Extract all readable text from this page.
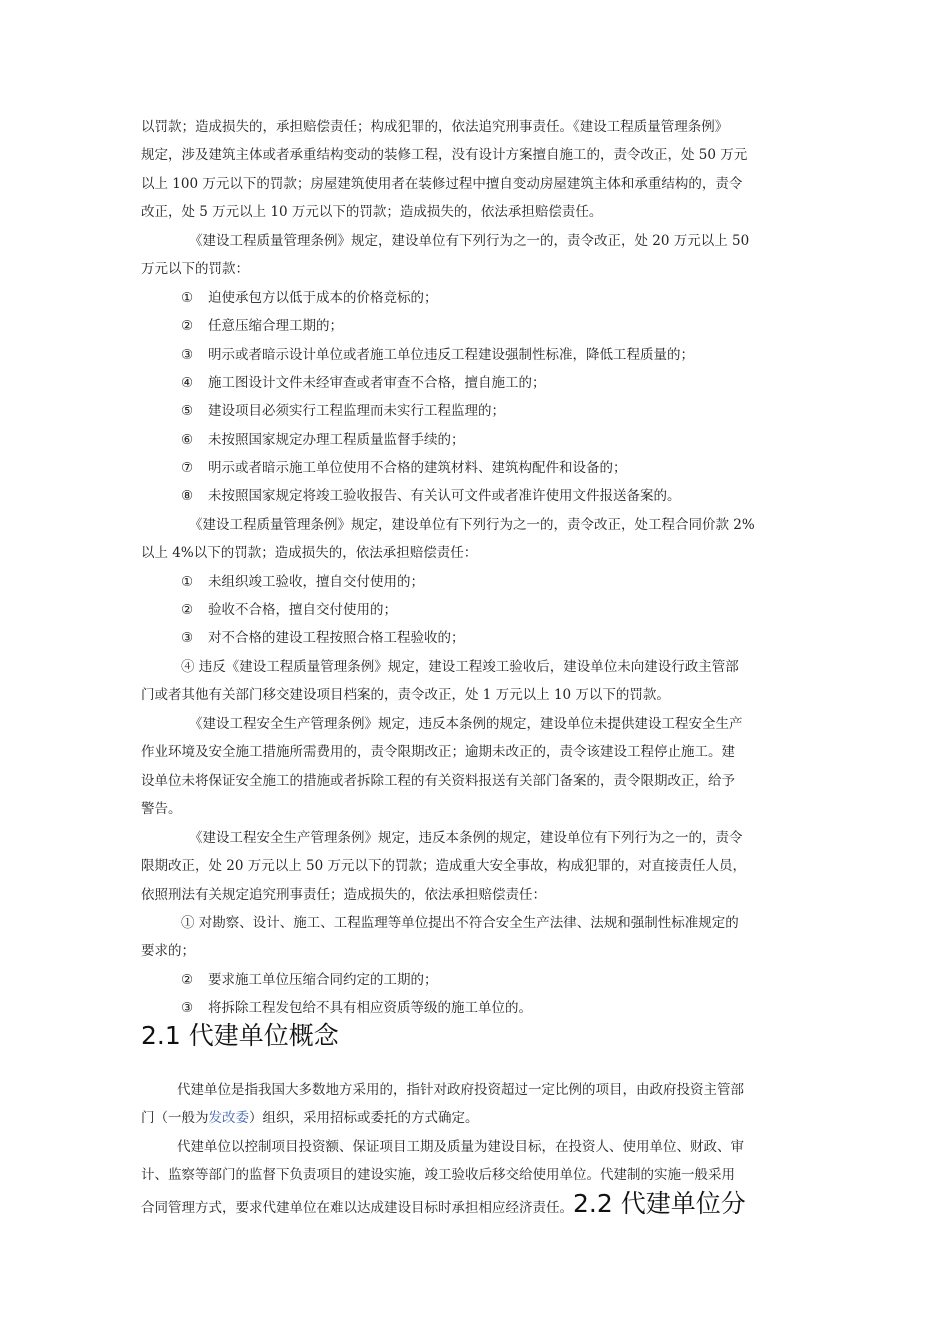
以罚款；造成损失的，承担赔偿责任；构成犯罪的，依法追究刑事责任。《建设工程质量管理条例》
规定，涉及建筑主体或者承重结构变动的装修工程，没有设计方案擅自施工的，责令改正，处 50 万元
以上 100 万元以下的罚款；房屋建筑使用者在装修过程中擅自变动房屋建筑主体和承重结构的，责令
改正，处 5 万元以上 10 万元以下的罚款；造成损失的，依法承担赔偿责任。
《建设工程质量管理条例》规定，建设单位有下列行为之一的，责令改正，处 20 万元以上 50
万元以下的罚款：
① 迫使承包方以低于成本的价格竞标的；
② 任意压缩合理工期的；
③ 明示或者暗示设计单位或者施工单位违反工程建设强制性标准，降低工程质量的；
④ 施工图设计文件未经审查或者审查不合格，擅自施工的；
⑤ 建设项目必须实行工程监理而未实行工程监理的；
⑥ 未按照国家规定办理工程质量监督手续的；
⑦ 明示或者暗示施工单位使用不合格的建筑材料、建筑构配件和设备的；
⑧ 未按照国家规定将竣工验收报告、有关认可文件或者准许使用文件报送备案的。
《建设工程质量管理条例》规定，建设单位有下列行为之一的，责令改正，处工程合同价款 2%
以上 4%以下的罚款；造成损失的，依法承担赔偿责任：
① 未组织竣工验收，擅自交付使用的；
② 验收不合格，擅自交付使用的；
③ 对不合格的建设工程按照合格工程验收的；
④ 违反《建设工程质量管理条例》规定，建设工程竣工验收后，建设单位未向建设行政主管部
门或者其他有关部门移交建设项目档案的，责令改正，处 1 万元以上 10 万以下的罚款。
《建设工程安全生产管理条例》规定，违反本条例的规定，建设单位未提供建设工程安全生产
作业环境及安全施工措施所需费用的，责令限期改正；逾期未改正的，责令该建设工程停止施工。建
设单位未将保证安全施工的措施或者拆除工程的有关资料报送有关部门备案的，责令限期改正，给予
警告。
《建设工程安全生产管理条例》规定，违反本条例的规定，建设单位有下列行为之一的，责令
限期改正，处 20 万元以上 50 万元以下的罚款；造成重大安全事故，构成犯罪的，对直接责任人员，
依照刑法有关规定追究刑事责任；造成损失的，依法承担赔偿责任：
① 对勘察、设计、施工、工程监理等单位提出不符合安全生产法律、法规和强制性标准规定的
要求的；
② 要求施工单位压缩合同约定的工期的；
③ 将拆除工程发包给不具有相应资质等级的施工单位的。
2.1 代建单位概念
代建单位是指我国大多数地方采用的，指针对政府投资超过一定比例的项目，由政府投资主管部
门（一般为发改委）组织，采用招标或委托的方式确定。
代建单位以控制项目投资额、保证项目工期及质量为建设目标，在投资人、使用单位、财政、审
计、监察等部门的监督下负责项目的建设实施，竣工验收后移交给使用单位。代建制的实施一般采用
合同管理方式，要求代建单位在难以达成建设目标时承担相应经济责任。2.2 代建单位分
